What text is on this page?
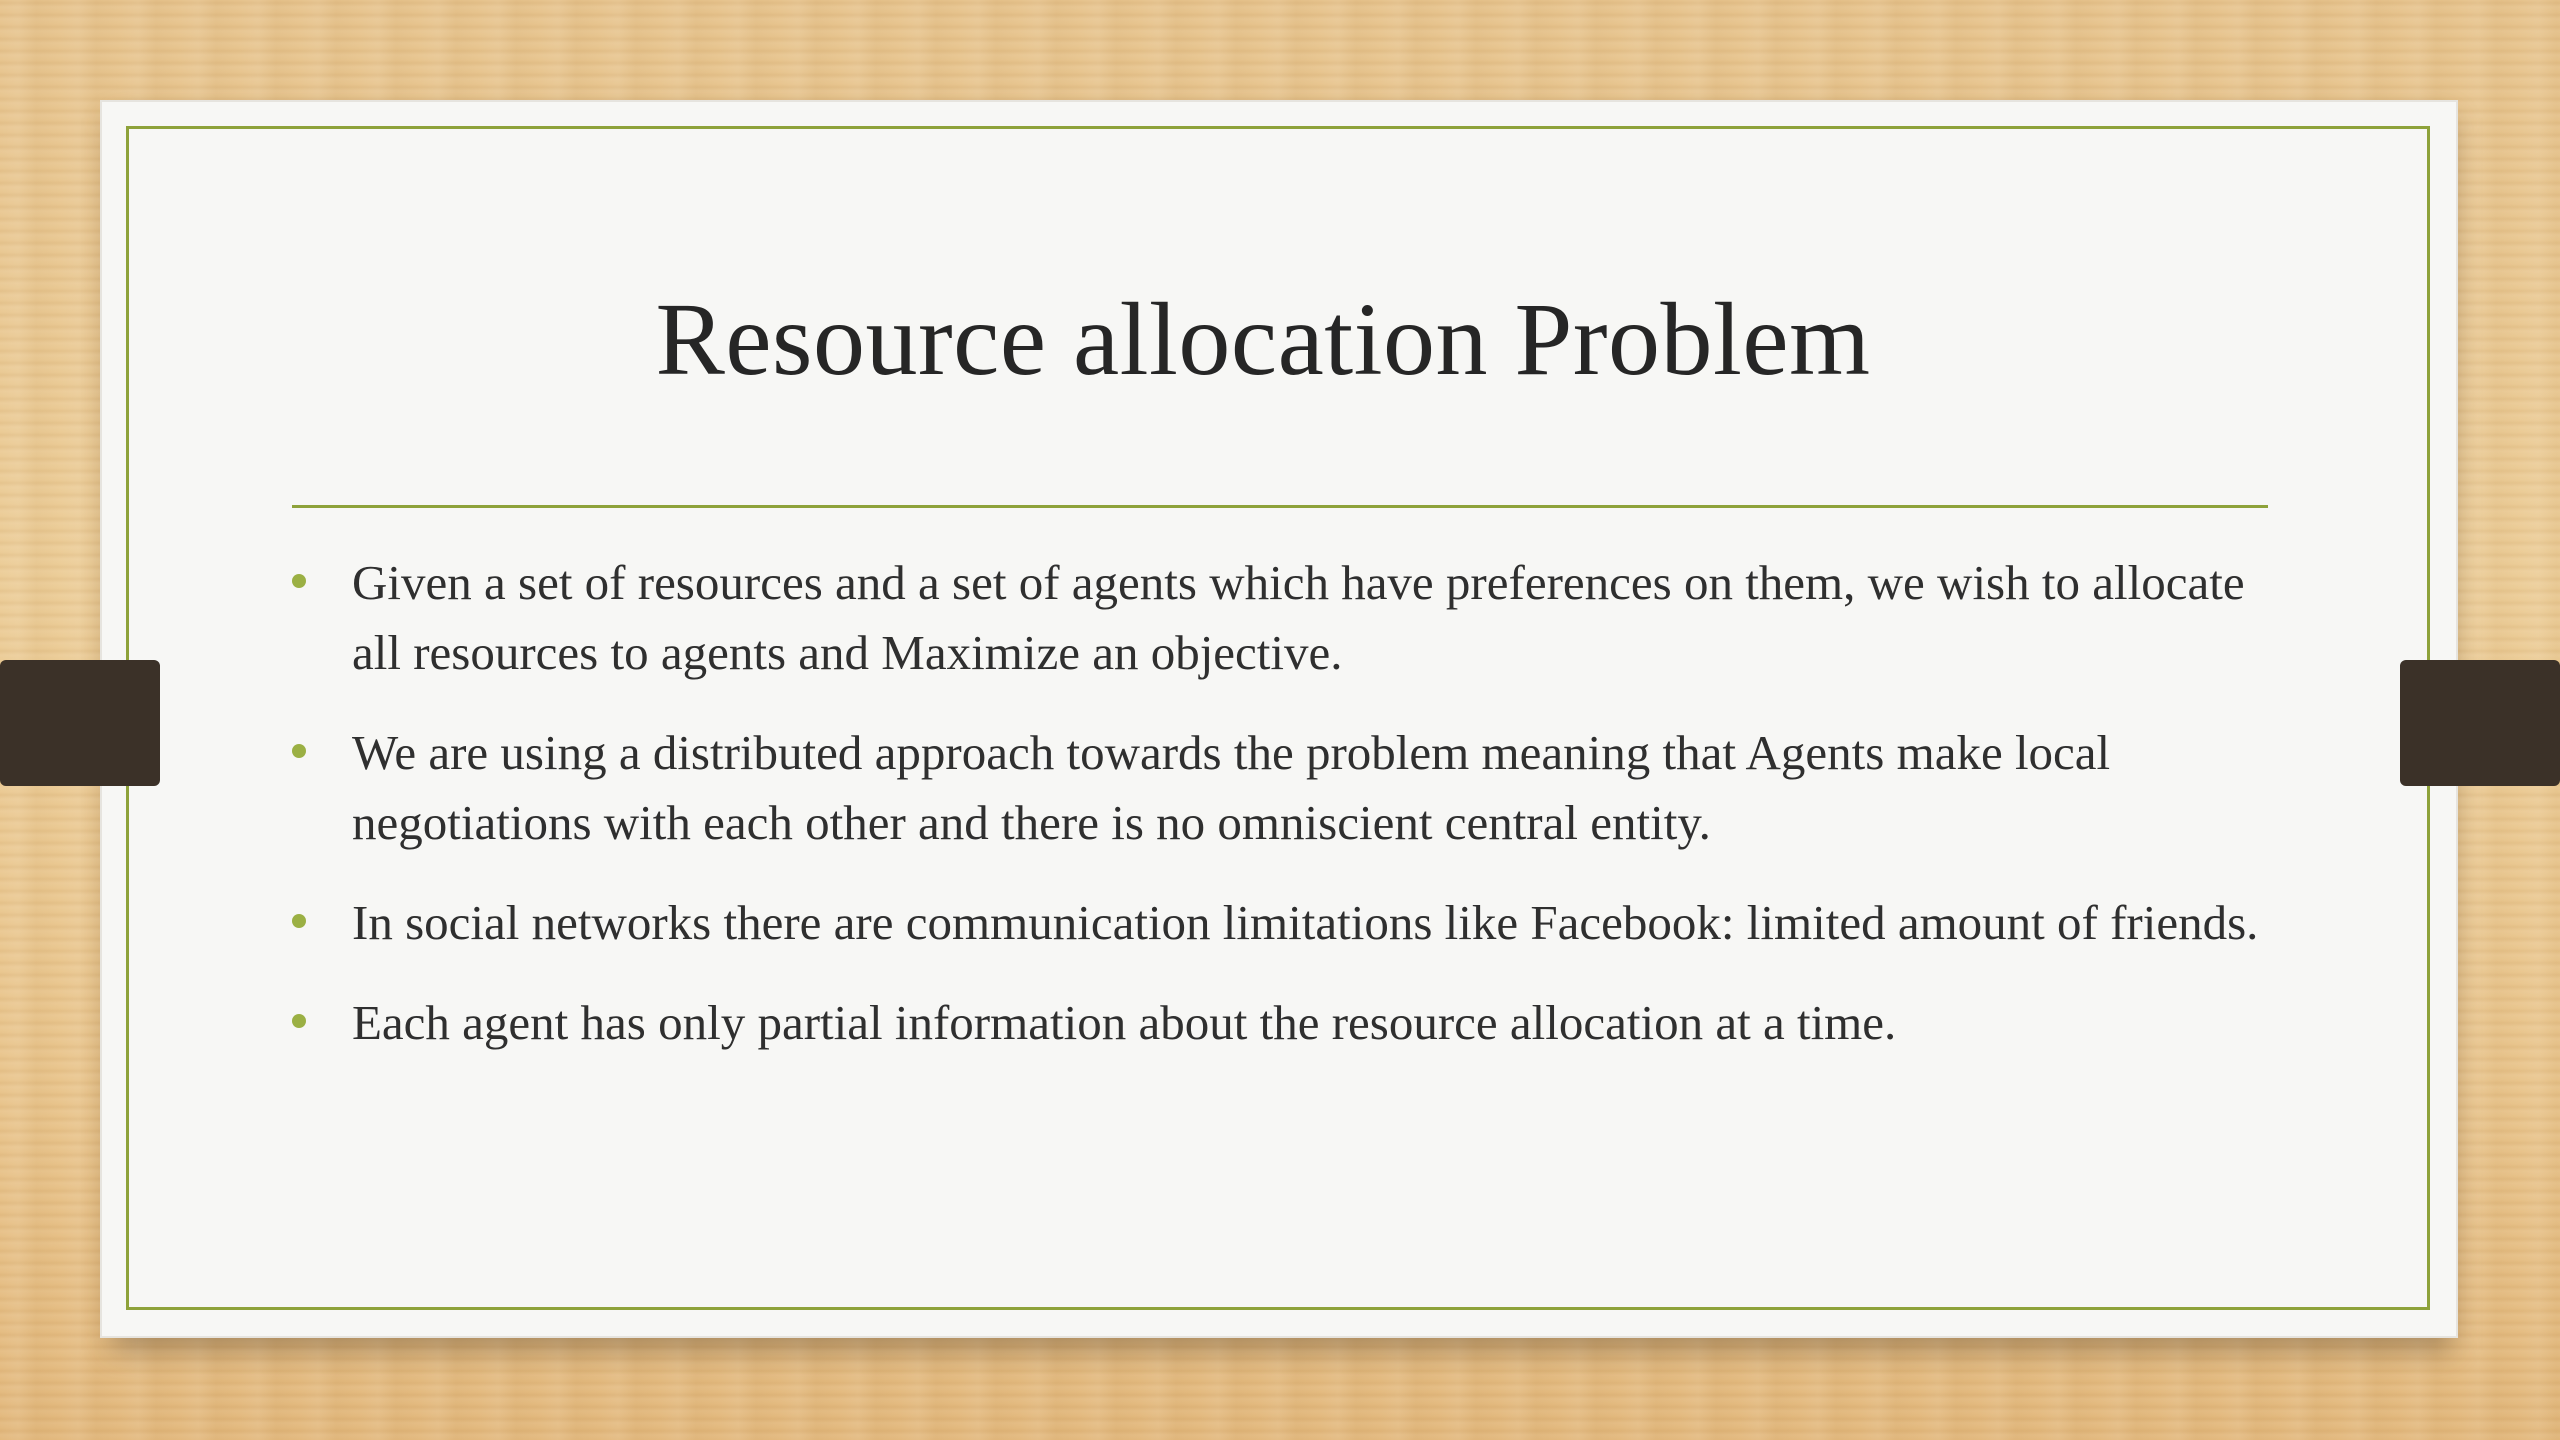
Resource allocation Problem
Given a set of resources and a set of agents which have preferences on them, we wish to allocate all resources to agents and Maximize an objective.
We are using a distributed approach towards the problem meaning that Agents make local negotiations with each other and there is no omniscient central entity.
In social networks there are communication limitations like Facebook: limited amount of friends.
Each agent has only partial information about the resource allocation at a time.
